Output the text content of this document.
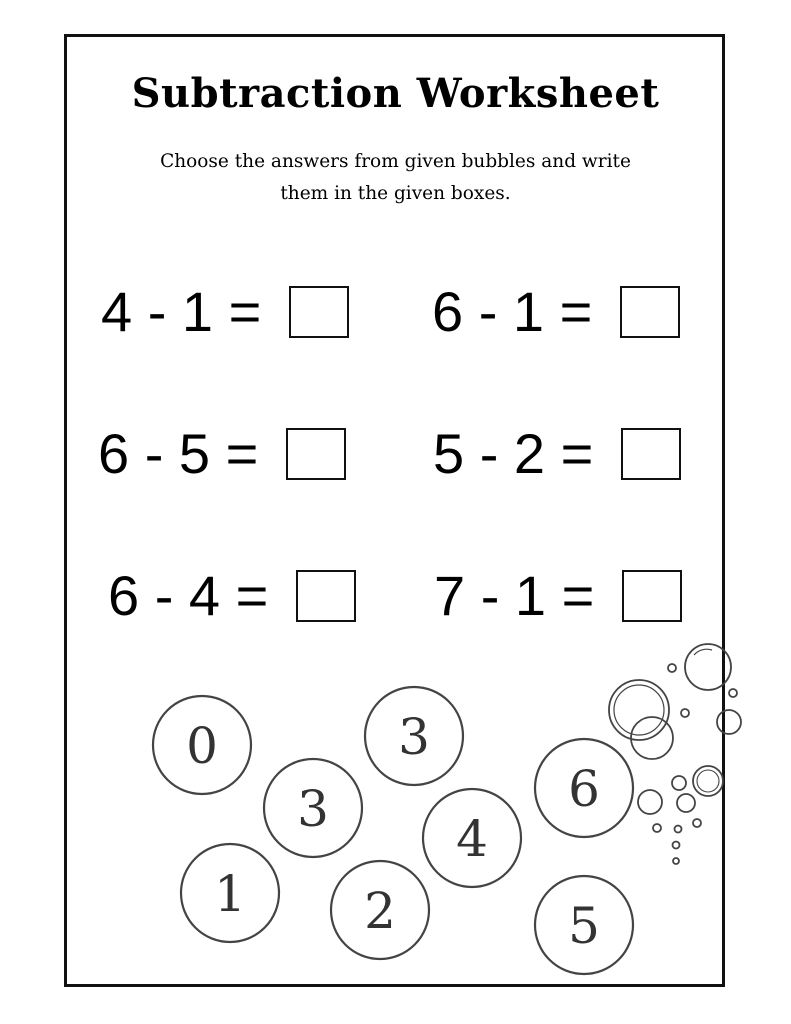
Subtraction Worksheet
Choose the answers from given bubbles and write
them in the given boxes.
4 - 1 =	6 - 1 =
6 - 5 =	5 - 2 =
6 - 4 =	7 - 1 =
0	3
3
4
6
1 2	5
